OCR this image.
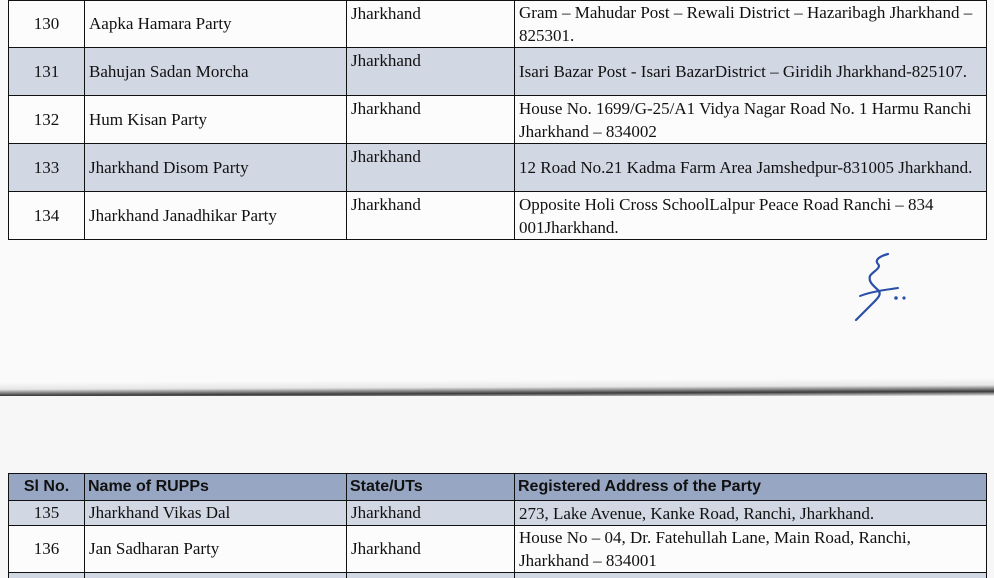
130	Aapka Hamara Party	Jharkhand	Gram – Mahudar Post – Rewali District – Hazaribagh Jharkhand – 825301.
131	Bahujan Sadan Morcha	Jharkhand	Isari Bazar Post - Isari BazarDistrict – Giridih Jharkhand-825107.
132	Hum Kisan Party	Jharkhand	House No. 1699/G-25/A1 Vidya Nagar Road No. 1 Harmu Ranchi Jharkhand – 834002
133	Jharkhand Disom Party	Jharkhand	12 Road No.21 Kadma Farm Area Jamshedpur-831005 Jharkhand.
134	Jharkhand Janadhikar Party	Jharkhand	Opposite Holi Cross SchoolLalpur Peace Road Ranchi – 834 001Jharkhand.
Sl No.	Name of RUPPs	State/UTs	Registered Address of the Party
135	Jharkhand Vikas Dal	Jharkhand	273, Lake Avenue, Kanke Road, Ranchi, Jharkhand.
136	Jan Sadharan Party	Jharkhand	House No – 04, Dr. Fatehullah Lane, Main Road, Ranchi, Jharkhand – 834001
